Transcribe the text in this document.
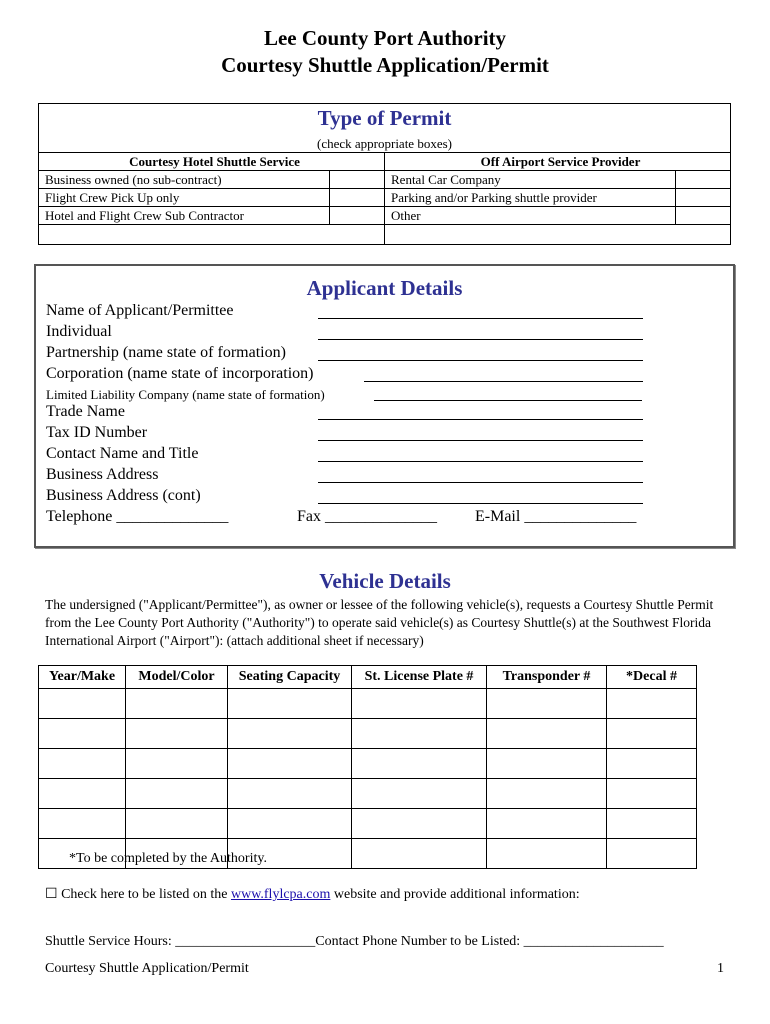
Lee County Port Authority
Courtesy Shuttle Application/Permit
Type of Permit
(check appropriate boxes)
Courtesy Hotel Shuttle Service		Off Airport Service Provider	
Business owned (no sub-contract)		Rental Car Company	
Flight Crew Pick Up only		Parking and/or Parking shuttle provider	
Hotel and Flight Crew Sub Contractor		Other	

Applicant Details
Name of Applicant/Permittee
Individual
Partnership (name state of formation)
Corporation (name state of incorporation)
Limited Liability Company (name state of formation)
Trade Name
Tax ID Number
Contact Name and Title
Business Address
Business Address (cont)
Telephone ______________	Fax ______________ E-Mail ______________
Vehicle Details
The undersigned ("Applicant/Permittee"), as owner or lessee of the following vehicle(s), requests a Courtesy Shuttle Permit from the Lee County Port Authority ("Authority") to operate said vehicle(s) as Courtesy Shuttle(s) at the Southwest Florida International Airport ("Airport"): (attach additional sheet if necessary)
Year/Make	Model/Color	Seating Capacity	St. License Plate #	Transponder #	*Decal #

*To be completed by the Authority.
☐ Check here to be listed on the www.flylcpa.com website and provide additional information:
Shuttle Service Hours: ____________________Contact Phone Number to be Listed: ____________________
Courtesy Shuttle Application/Permit	1
